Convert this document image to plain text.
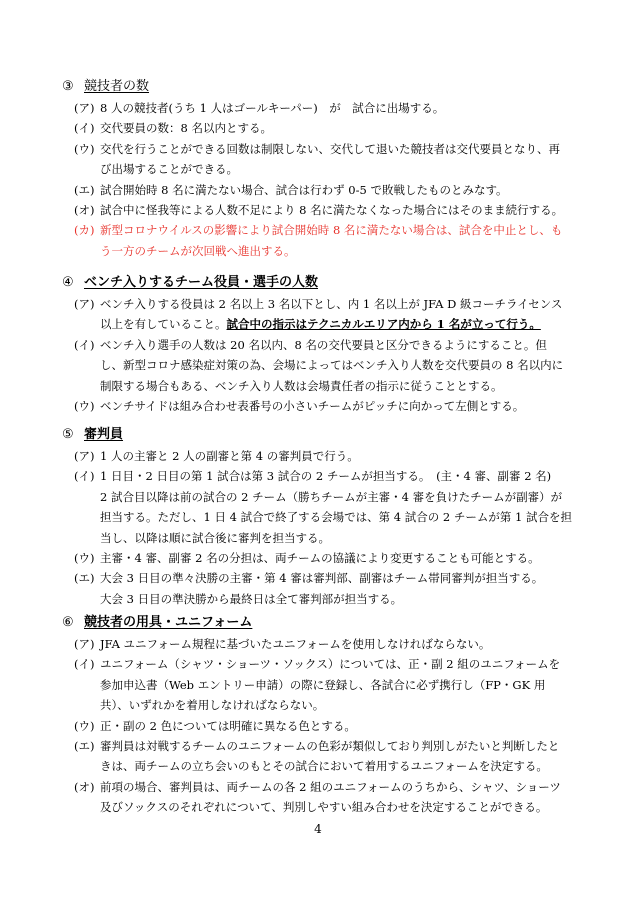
③ 競技者の数
(ア) 8 人の競技者(うち 1 人はゴールキーパー)　が　試合に出場する。
(イ) 交代要員の数：8 名以内とする。
(ウ) 交代を行うことができる回数は制限しない、交代して退いた競技者は交代要員となり、再
び出場することができる。
(エ) 試合開始時 8 名に満たない場合、試合は行わず 0-5 で敗戦したものとみなす。
(オ) 試合中に怪我等による人数不足により 8 名に満たなくなった場合にはそのまま続行する。
(カ) 新型コロナウイルスの影響により試合開始時 8 名に満たない場合は、試合を中止とし、も
う一方のチームが次回戦へ進出する。
④ ベンチ入りするチーム役員・選手の人数
(ア) ベンチ入りする役員は 2 名以上 3 名以下とし、内 1 名以上が JFA D 級コーチライセンス
以上を有していること。試合中の指示はテクニカルエリア内から 1 名が立って行う。
(イ) ベンチ入り選手の人数は 20 名以内、8 名の交代要員と区分できるようにすること。但
し、新型コロナ感染症対策の為、会場によってはベンチ入り人数を交代要員の 8 名以内に
制限する場合もある、ベンチ入り人数は会場責任者の指示に従うこととする。
(ウ) ベンチサイドは組み合わせ表番号の小さいチームがピッチに向かって左側とする。
⑤ 審判員
(ア) 1 人の主審と 2 人の副審と第 4 の審判員で行う。
(イ) 1 日目・2 日目の第 1 試合は第 3 試合の 2 チームが担当する。　(主・4 審、副審 2 名)
2 試合目以降は前の試合の 2 チーム（勝ちチームが主審・4 審を負けたチームが副審）が
担当する。ただし、1 日 4 試合で終了する会場では、第 4 試合の 2 チームが第 1 試合を担
当し、以降は順に試合後に審判を担当する。
(ウ) 主審・4 審、副審 2 名の分担は、両チームの協議により変更することも可能とする。
(エ) 大会 3 日目の準々決勝の主審・第 4 審は審判部、副審はチーム帯同審判が担当する。
大会 3 日目の準決勝から最終日は全て審判部が担当する。
⑥ 競技者の用具・ユニフォーム
(ア) JFA ユニフォーム規程に基づいたユニフォームを使用しなければならない。
(イ) ユニフォーム（シャツ・ショーツ・ソックス）については、正・副 2 組のユニフォームを
参加申込書（Web エントリー申請）の際に登録し、各試合に必ず携行し（FP・GK 用
共）、いずれかを着用しなければならない。
(ウ) 正・副の 2 色については明確に異なる色とする。
(エ) 審判員は対戦するチームのユニフォームの色彩が類似しており判別しがたいと判断したと
きは、両チームの立ち会いのもとその試合において着用するユニフォームを決定する。
(オ) 前項の場合、審判員は、両チームの各 2 組のユニフォームのうちから、シャツ、ショーツ
及びソックスのそれぞれについて、判別しやすい組み合わせを決定することができる。
4
